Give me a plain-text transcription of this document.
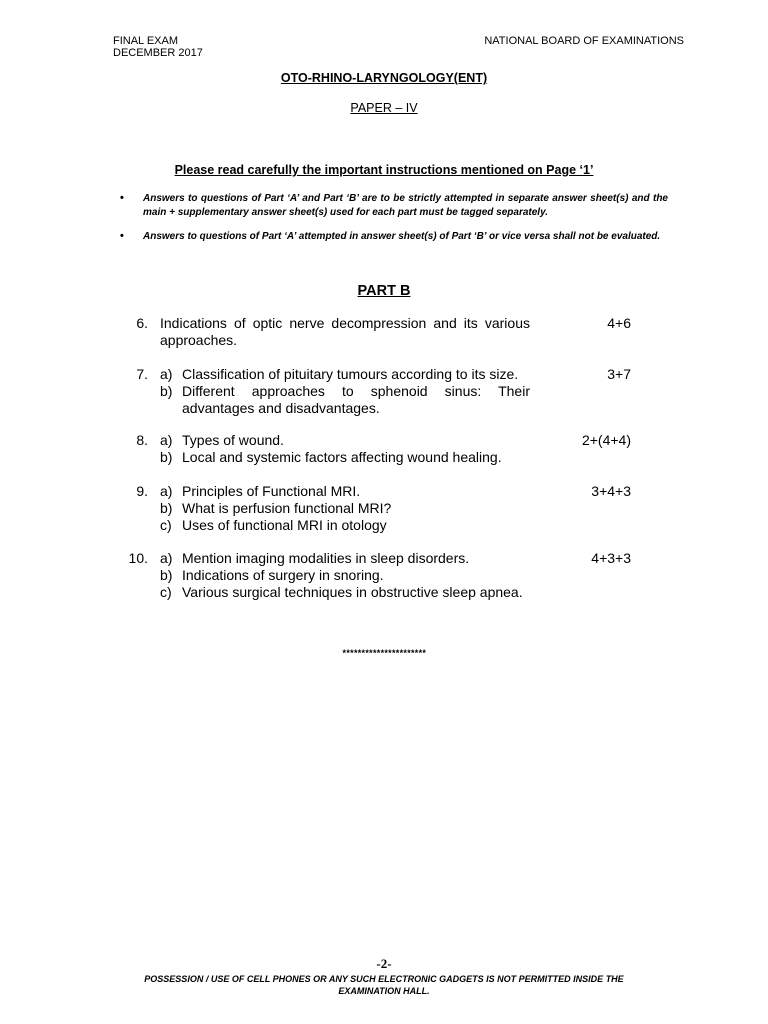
FINAL EXAM
DECEMBER 2017
NATIONAL BOARD OF EXAMINATIONS
OTO-RHINO-LARYNGOLOGY(ENT)
PAPER – IV
Please read carefully the important instructions mentioned on Page ‘1’
• Answers to questions of Part ‘A’ and Part ‘B’ are to be strictly attempted in separate answer sheet(s) and the main + supplementary answer sheet(s) used for each part must be tagged separately.
• Answers to questions of Part ‘A’ attempted in answer sheet(s) of Part ‘B’ or vice versa shall not be evaluated.
PART B
6. Indications of optic nerve decompression and its various approaches.
4+6
7. a) Classification of pituitary tumours according to its size.
b) Different approaches to sphenoid sinus: Their advantages and disadvantages.
3+7
8. a) Types of wound.
b) Local and systemic factors affecting wound healing.
2+(4+4)
9. a) Principles of Functional MRI.
b) What is perfusion functional MRI?
c) Uses of functional MRI in otology
3+4+3
10. a) Mention imaging modalities in sleep disorders.
b) Indications of surgery in snoring.
c) Various surgical techniques in obstructive sleep apnea.
4+3+3
**********************
-2-
POSSESSION / USE OF CELL PHONES OR ANY SUCH ELECTRONIC GADGETS IS NOT PERMITTED INSIDE THE EXAMINATION HALL.
